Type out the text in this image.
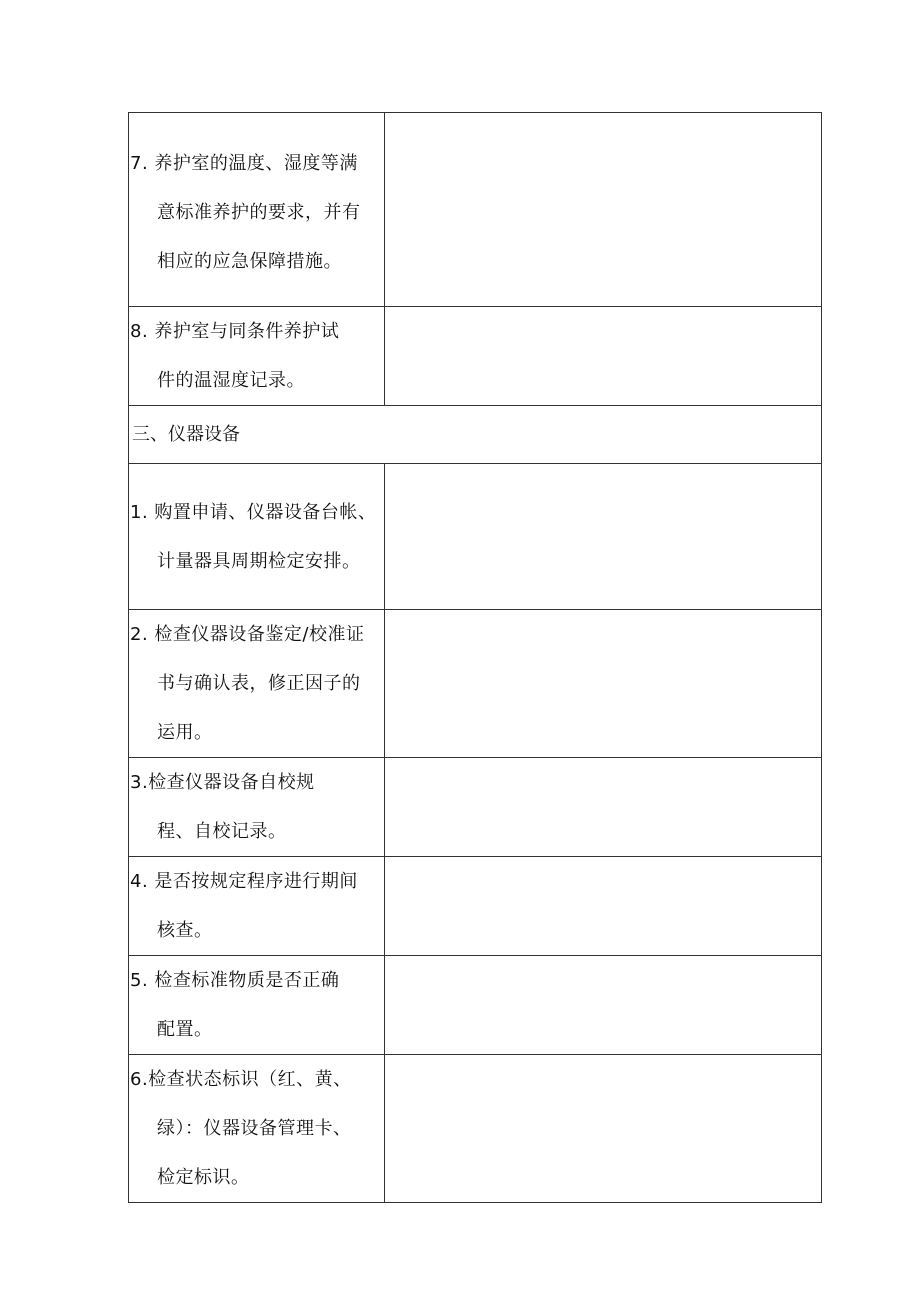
7. 养护室的温度、湿度等满
意标准养护的要求，并有
相应的应急保障措施。	

8. 养护室与同条件养护试
件的温湿度记录。	

三、仪器设备	

1. 购置申请、仪器设备台帐、
计量器具周期检定安排。	

2. 检查仪器设备鉴定/校准证
书与确认表，修正因子的
运用。	

3.检查仪器设备自校规
程、自校记录。	

4. 是否按规定程序进行期间
核查。	

5. 检查标准物质是否正确
配置。	

6.检查状态标识（红、黄、
绿）：仪器设备管理卡、
检定标识。	
